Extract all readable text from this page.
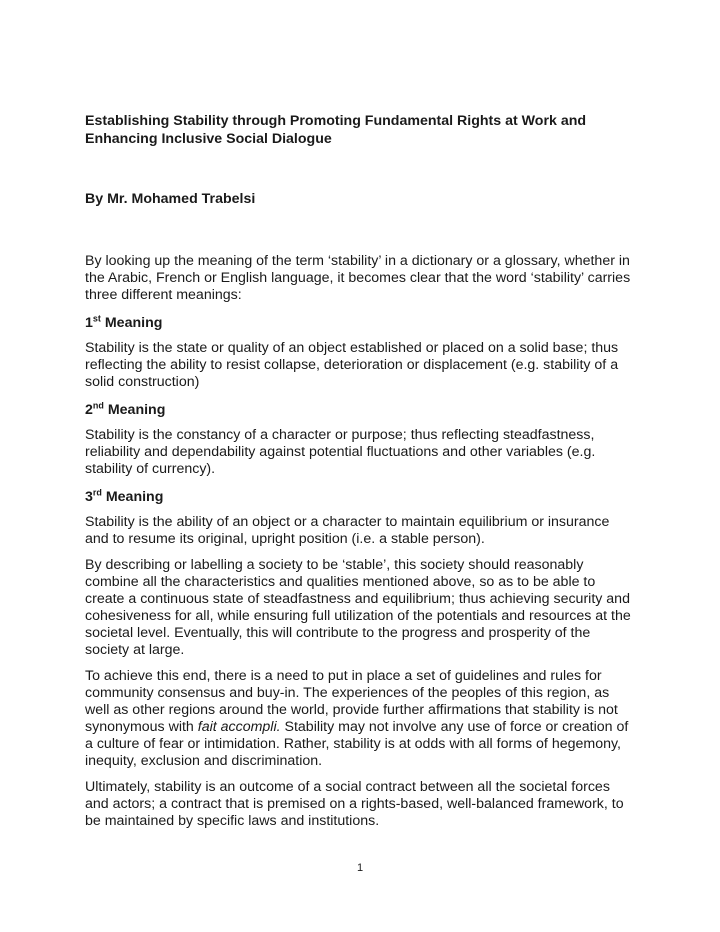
Establishing Stability through Promoting Fundamental Rights at Work and
Enhancing Inclusive Social Dialogue

By Mr. Mohamed Trabelsi

By looking up the meaning of the term ‘stability’ in a dictionary or a glossary, whether in the Arabic, French or English language, it becomes clear that the word ‘stability’ carries three different meanings:

1st Meaning

Stability is the state or quality of an object established or placed on a solid base; thus reflecting the ability to resist collapse, deterioration or displacement (e.g. stability of a solid construction)

2nd Meaning

Stability is the constancy of a character or purpose; thus reflecting steadfastness, reliability and dependability against potential fluctuations and other variables (e.g. stability of currency).

3rd Meaning

Stability is the ability of an object or a character to maintain equilibrium or insurance and to resume its original, upright position (i.e. a stable person).

By describing or labelling a society to be ‘stable’, this society should reasonably combine all the characteristics and qualities mentioned above, so as to be able to create a continuous state of steadfastness and equilibrium; thus achieving security and cohesiveness for all, while ensuring full utilization of the potentials and resources at the societal level. Eventually, this will contribute to the progress and prosperity of the society at large.

To achieve this end, there is a need to put in place a set of guidelines and rules for community consensus and buy-in. The experiences of the peoples of this region, as well as other regions around the world, provide further affirmations that stability is not synonymous with fait accompli. Stability may not involve any use of force or creation of a culture of fear or intimidation. Rather, stability is at odds with all forms of hegemony, inequity, exclusion and discrimination.

Ultimately, stability is an outcome of a social contract between all the societal forces and actors; a contract that is premised on a rights-based, well-balanced framework, to be maintained by specific laws and institutions.

1
